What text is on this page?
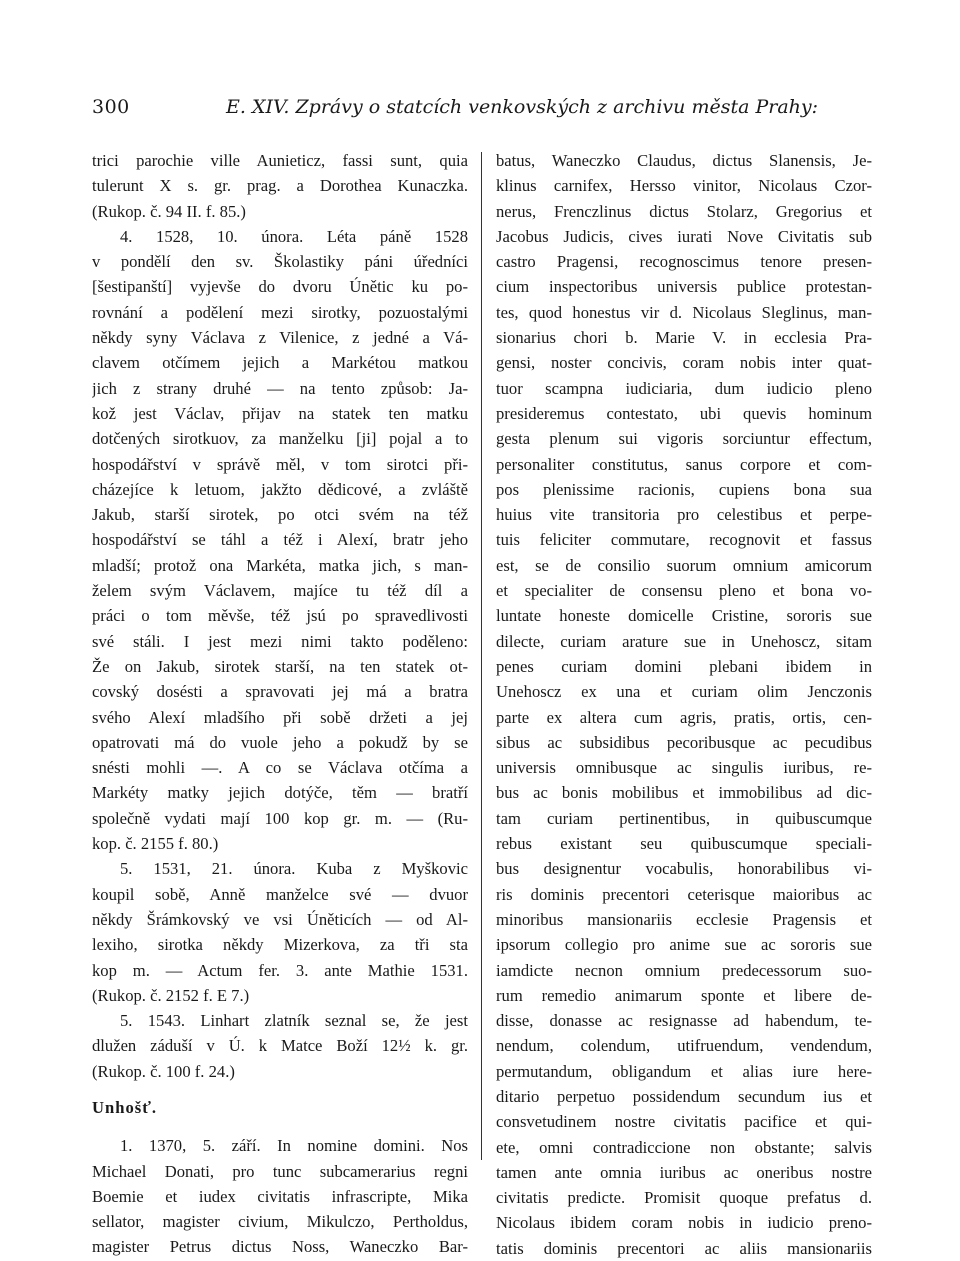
300	E. XIV. Zprávy o statcích venkovských z archivu města Prahy:
trici parochie ville Aunieticz, fassi sunt, quia
tulerunt X s. gr. prag. a Dorothea Kunaczka.
(Rukop. č. 94 II. f. 85.)
4. 1528, 10. února. Léta páně 1528
v pondělí den sv. Školastiky páni úředníci
[šestipanští] vyjevše do dvoru Únětic ku po-
rovnání a podělení mezi sirotky, pozuostalými
někdy syny Václava z Vilenice, z jedné a Vá-
clavem otčímem jejich a Markétou matkou
jich z strany druhé — na tento způsob: Ja-
kož jest Václav, přijav na statek ten matku
dotčených sirotkuov, za manželku [ji] pojal a to
hospodářství v správě měl, v tom sirotci při-
cházejíce k letuom, jakžto dědicové, a zvláště
Jakub, starší sirotek, po otci svém na též
hospodářství se táhl a též i Alexí, bratr jeho
mladší; protož ona Markéta, matka jich, s man-
želem svým Václavem, majíce tu též díl a
práci o tom měvše, též jsú po spravedlivosti
své stáli. I jest mezi nimi takto poděleno:
Že on Jakub, sirotek starší, na ten statek ot-
covský dosésti a spravovati jej má a bratra
svého Alexí mladšího při sobě držeti a jej
opatrovati má do vuole jeho a pokudž by se
snésti mohli —. A co se Václava otčíma a
Markéty matky jejich dotýče, těm — bratří
společně vydati mají 100 kop gr. m. — (Ru-
kop. č. 2155 f. 80.)
5. 1531, 21. února. Kuba z Myškovic
koupil sobě, Anně manželce své — dvuor
někdy Šrámkovský ve vsi Úněticích — od Al-
lexiho, sirotka někdy Mizerkova, za tři sta
kop m. — Actum fer. 3. ante Mathie 1531.
(Rukop. č. 2152 f. E 7.)
5. 1543. Linhart zlatník seznal se, že jest
dlužen záduší v Ú. k Matce Boží 12½ k. gr.
(Rukop. č. 100 f. 24.)
Unhošť.
1. 1370, 5. září. In nomine domini. Nos
Michael Donati, pro tunc subcamerarius regni
Boemie et iudex civitatis infrascripte, Mika
sellator, magister civium, Mikulczo, Pertholdus,
magister Petrus dictus Noss, Waneczko Bar-
batus, Waneczko Claudus, dictus Slanensis, Je-
klinus carnifex, Hersso vinitor, Nicolaus Czor-
nerus, Frenczlinus dictus Stolarz, Gregorius et
Jacobus Judicis, cives iurati Nove Civitatis sub
castro Pragensi, recognoscimus tenore presen-
cium inspectoribus universis publice protestan-
tes, quod honestus vir d. Nicolaus Sleglinus, man-
sionarius chori b. Marie V. in ecclesia Pra-
gensi, noster concivis, coram nobis inter quat-
tuor scampna iudiciaria, dum iudicio pleno
presideremus contestato, ubi quevis hominum
gesta plenum sui vigoris sorciuntur effectum,
personaliter constitutus, sanus corpore et com-
pos plenissime racionis, cupiens bona sua
huius vite transitoria pro celestibus et perpe-
tuis feliciter commutare, recognovit et fassus
est, se de consilio suorum omnium amicorum
et specialiter de consensu pleno et bona vo-
luntate honeste domicelle Cristine, sororis sue
dilecte, curiam arature sue in Unehoscz, sitam
penes curiam domini plebani ibidem in
Unehoscz ex una et curiam olim Jenczonis
parte ex altera cum agris, pratis, ortis, cen-
sibus ac subsidibus pecoribusque ac pecudibus
universis omnibusque ac singulis iuribus, re-
bus ac bonis mobilibus et immobilibus ad dic-
tam curiam pertinentibus, in quibuscumque
rebus existant seu quibuscumque speciali-
bus designentur vocabulis, honorabilibus vi-
ris dominis precentori ceterisque maioribus ac
minoribus mansionariis ecclesie Pragensis et
ipsorum collegio pro anime sue ac sororis sue
iamdicte necnon omnium predecessorum suo-
rum remedio animarum sponte et libere de-
disse, donasse ac resignasse ad habendum, te-
nendum, colendum, utifruendum, vendendum,
permutandum, obligandum et alias iure here-
ditario perpetuo possidendum secundum ius et
consvetudinem nostre civitatis pacifice et qui-
ete, omni contradiccione non obstante; salvis
tamen ante omnia iuribus ac oneribus nostre
civitatis predicte. Promisit quoque prefatus d.
Nicolaus ibidem coram nobis in iudicio preno-
tatis dominis precentori ac aliis mansionariis
